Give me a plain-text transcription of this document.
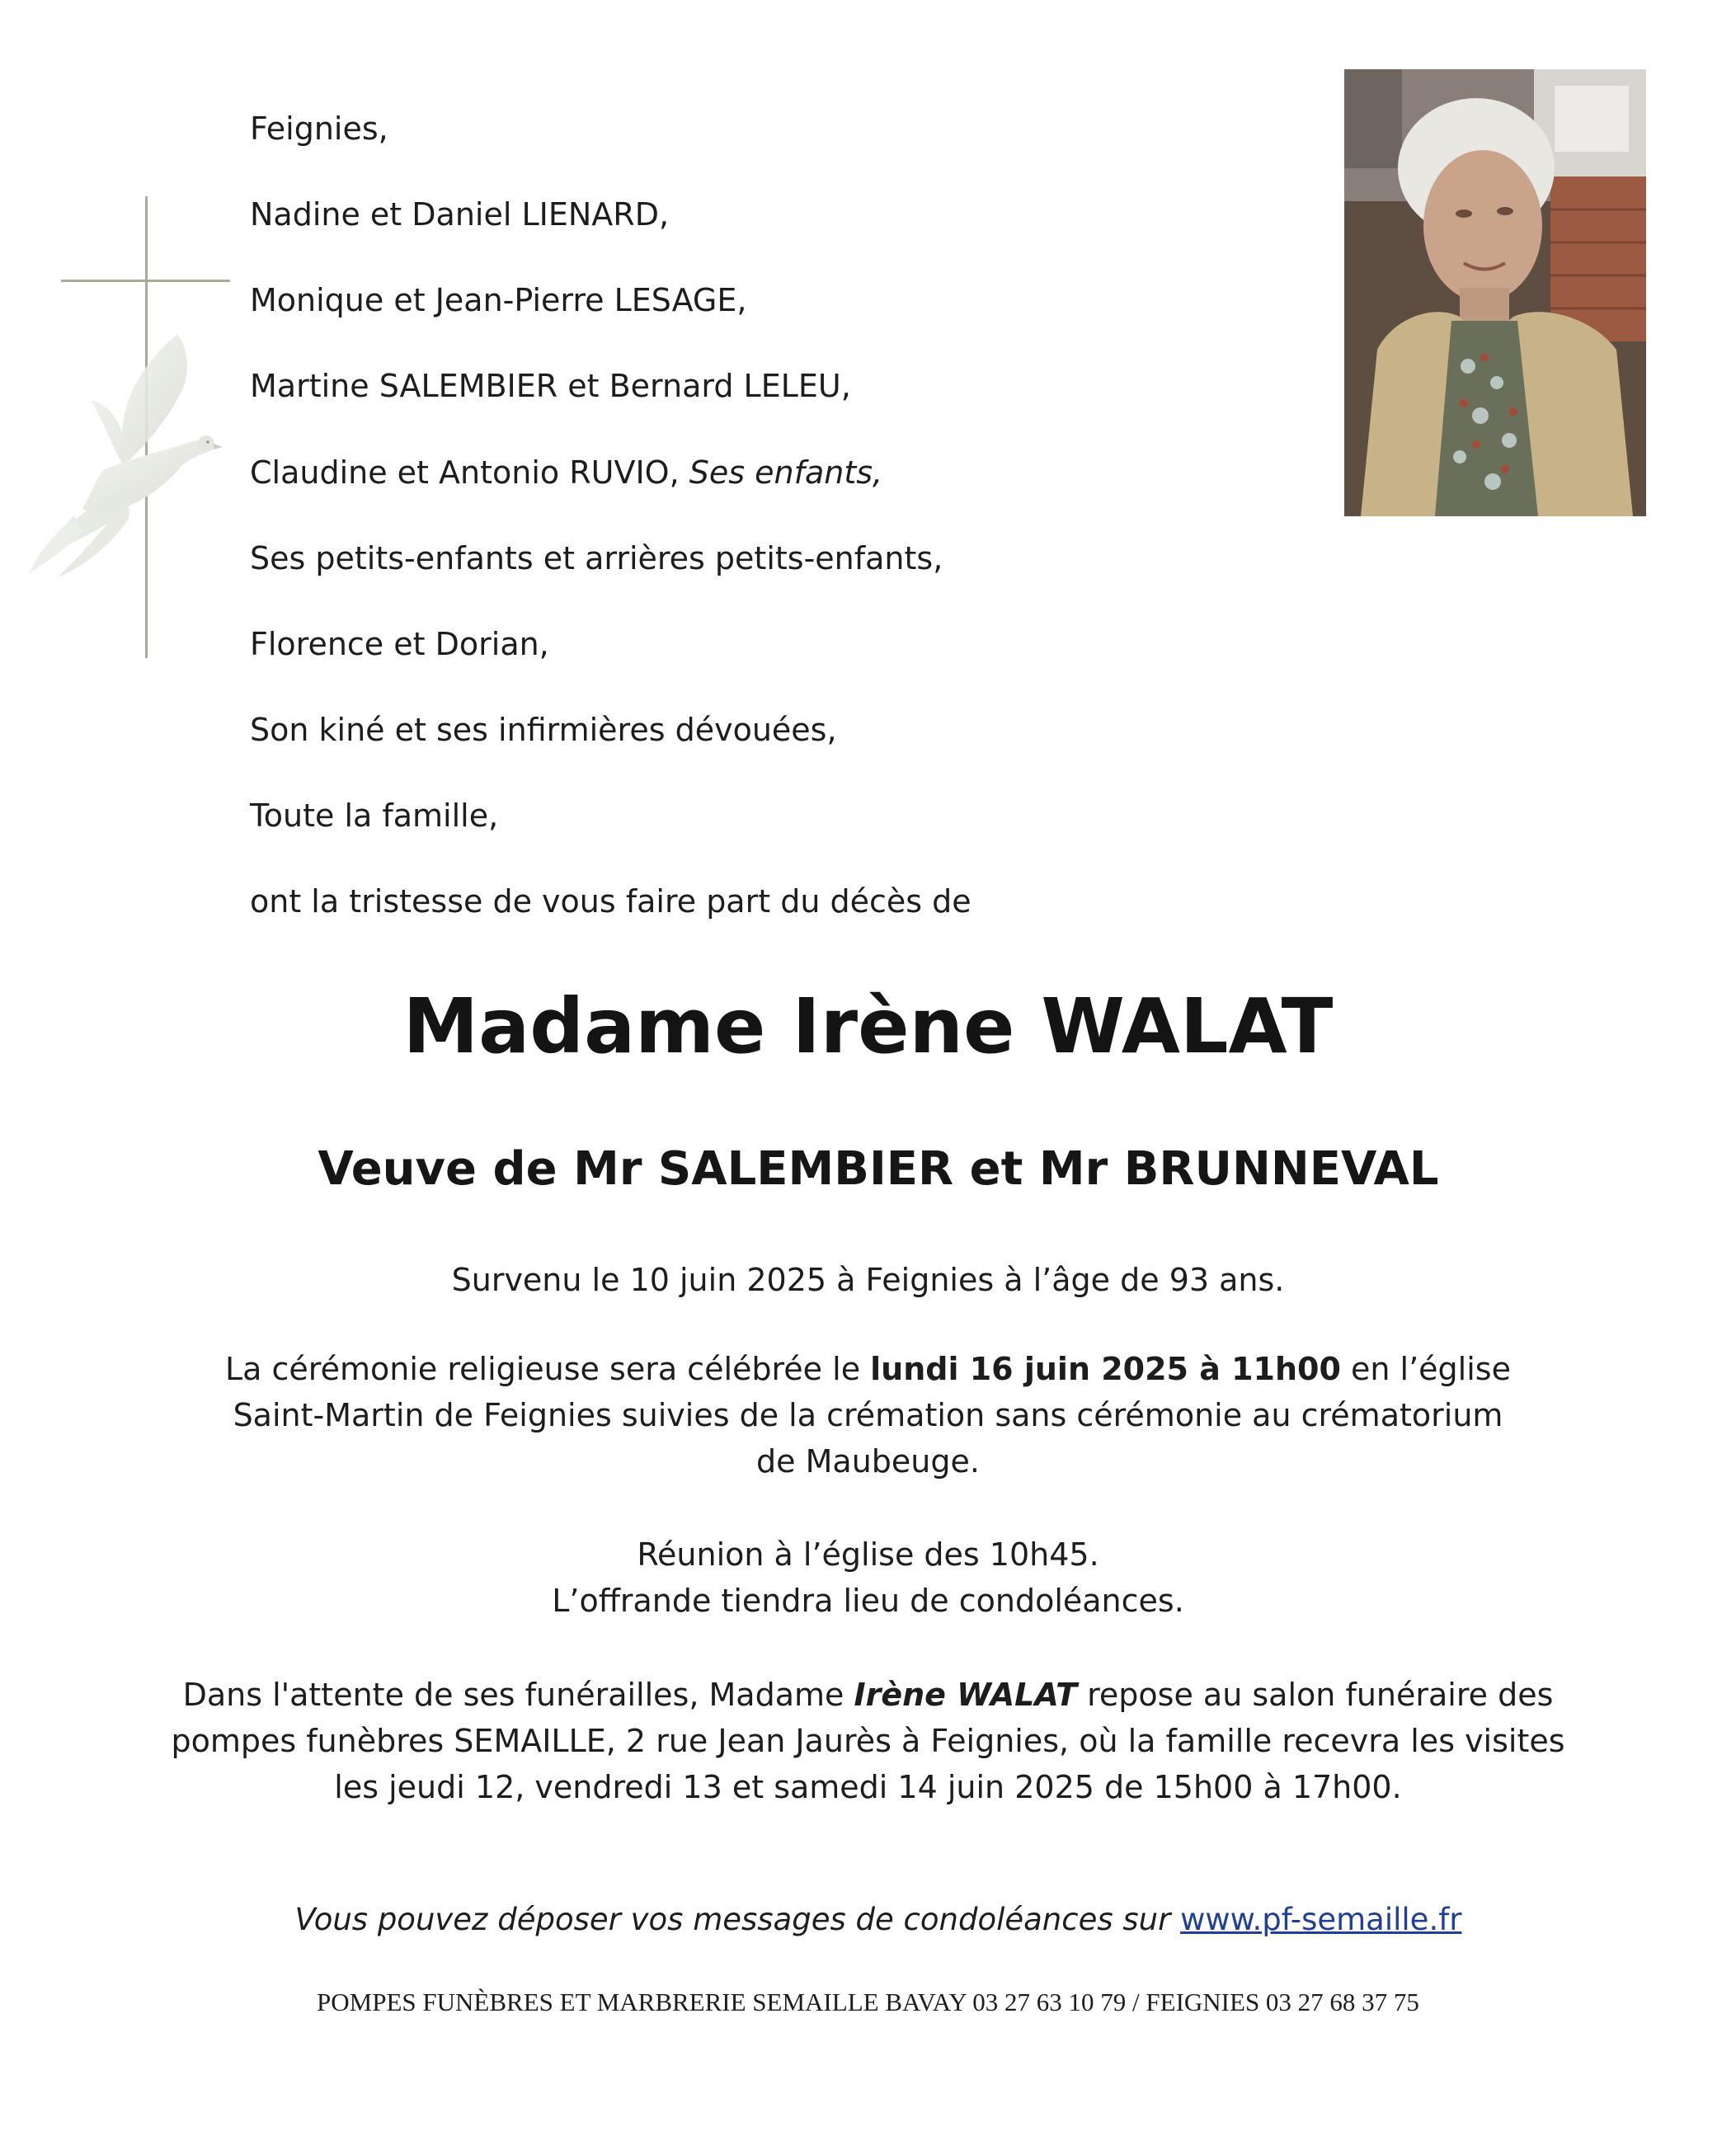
Feignies,
Nadine et Daniel LIENARD,
Monique et Jean-Pierre LESAGE,
Martine SALEMBIER et Bernard LELEU,
Claudine et Antonio RUVIO, Ses enfants,
Ses petits-enfants et arrières petits-enfants,
Florence et Dorian,
Son kiné et ses infirmières dévouées,
Toute la famille,
ont la tristesse de vous faire part du décès de
Madame Irène WALAT
Veuve de Mr SALEMBIER et Mr BRUNNEVAL
Survenu le 10 juin 2025 à Feignies à l’âge de 93 ans.
La cérémonie religieuse sera célébrée le lundi 16 juin 2025 à 11h00 en l’église
Saint-Martin de Feignies suivies de la crémation sans cérémonie au crématorium
de Maubeuge.
Réunion à l’église des 10h45.
L’offrande tiendra lieu de condoléances.
Dans l'attente de ses funérailles, Madame Irène WALAT repose au salon funéraire des
pompes funèbres SEMAILLE, 2 rue Jean Jaurès à Feignies, où la famille recevra les visites
les jeudi 12, vendredi 13 et samedi 14 juin 2025 de 15h00 à 17h00.
Vous pouvez déposer vos messages de condoléances sur www.pf-semaille.fr
POMPES FUNÈBRES ET MARBRERIE SEMAILLE BAVAY 03 27 63 10 79 / FEIGNIES 03 27 68 37 75
